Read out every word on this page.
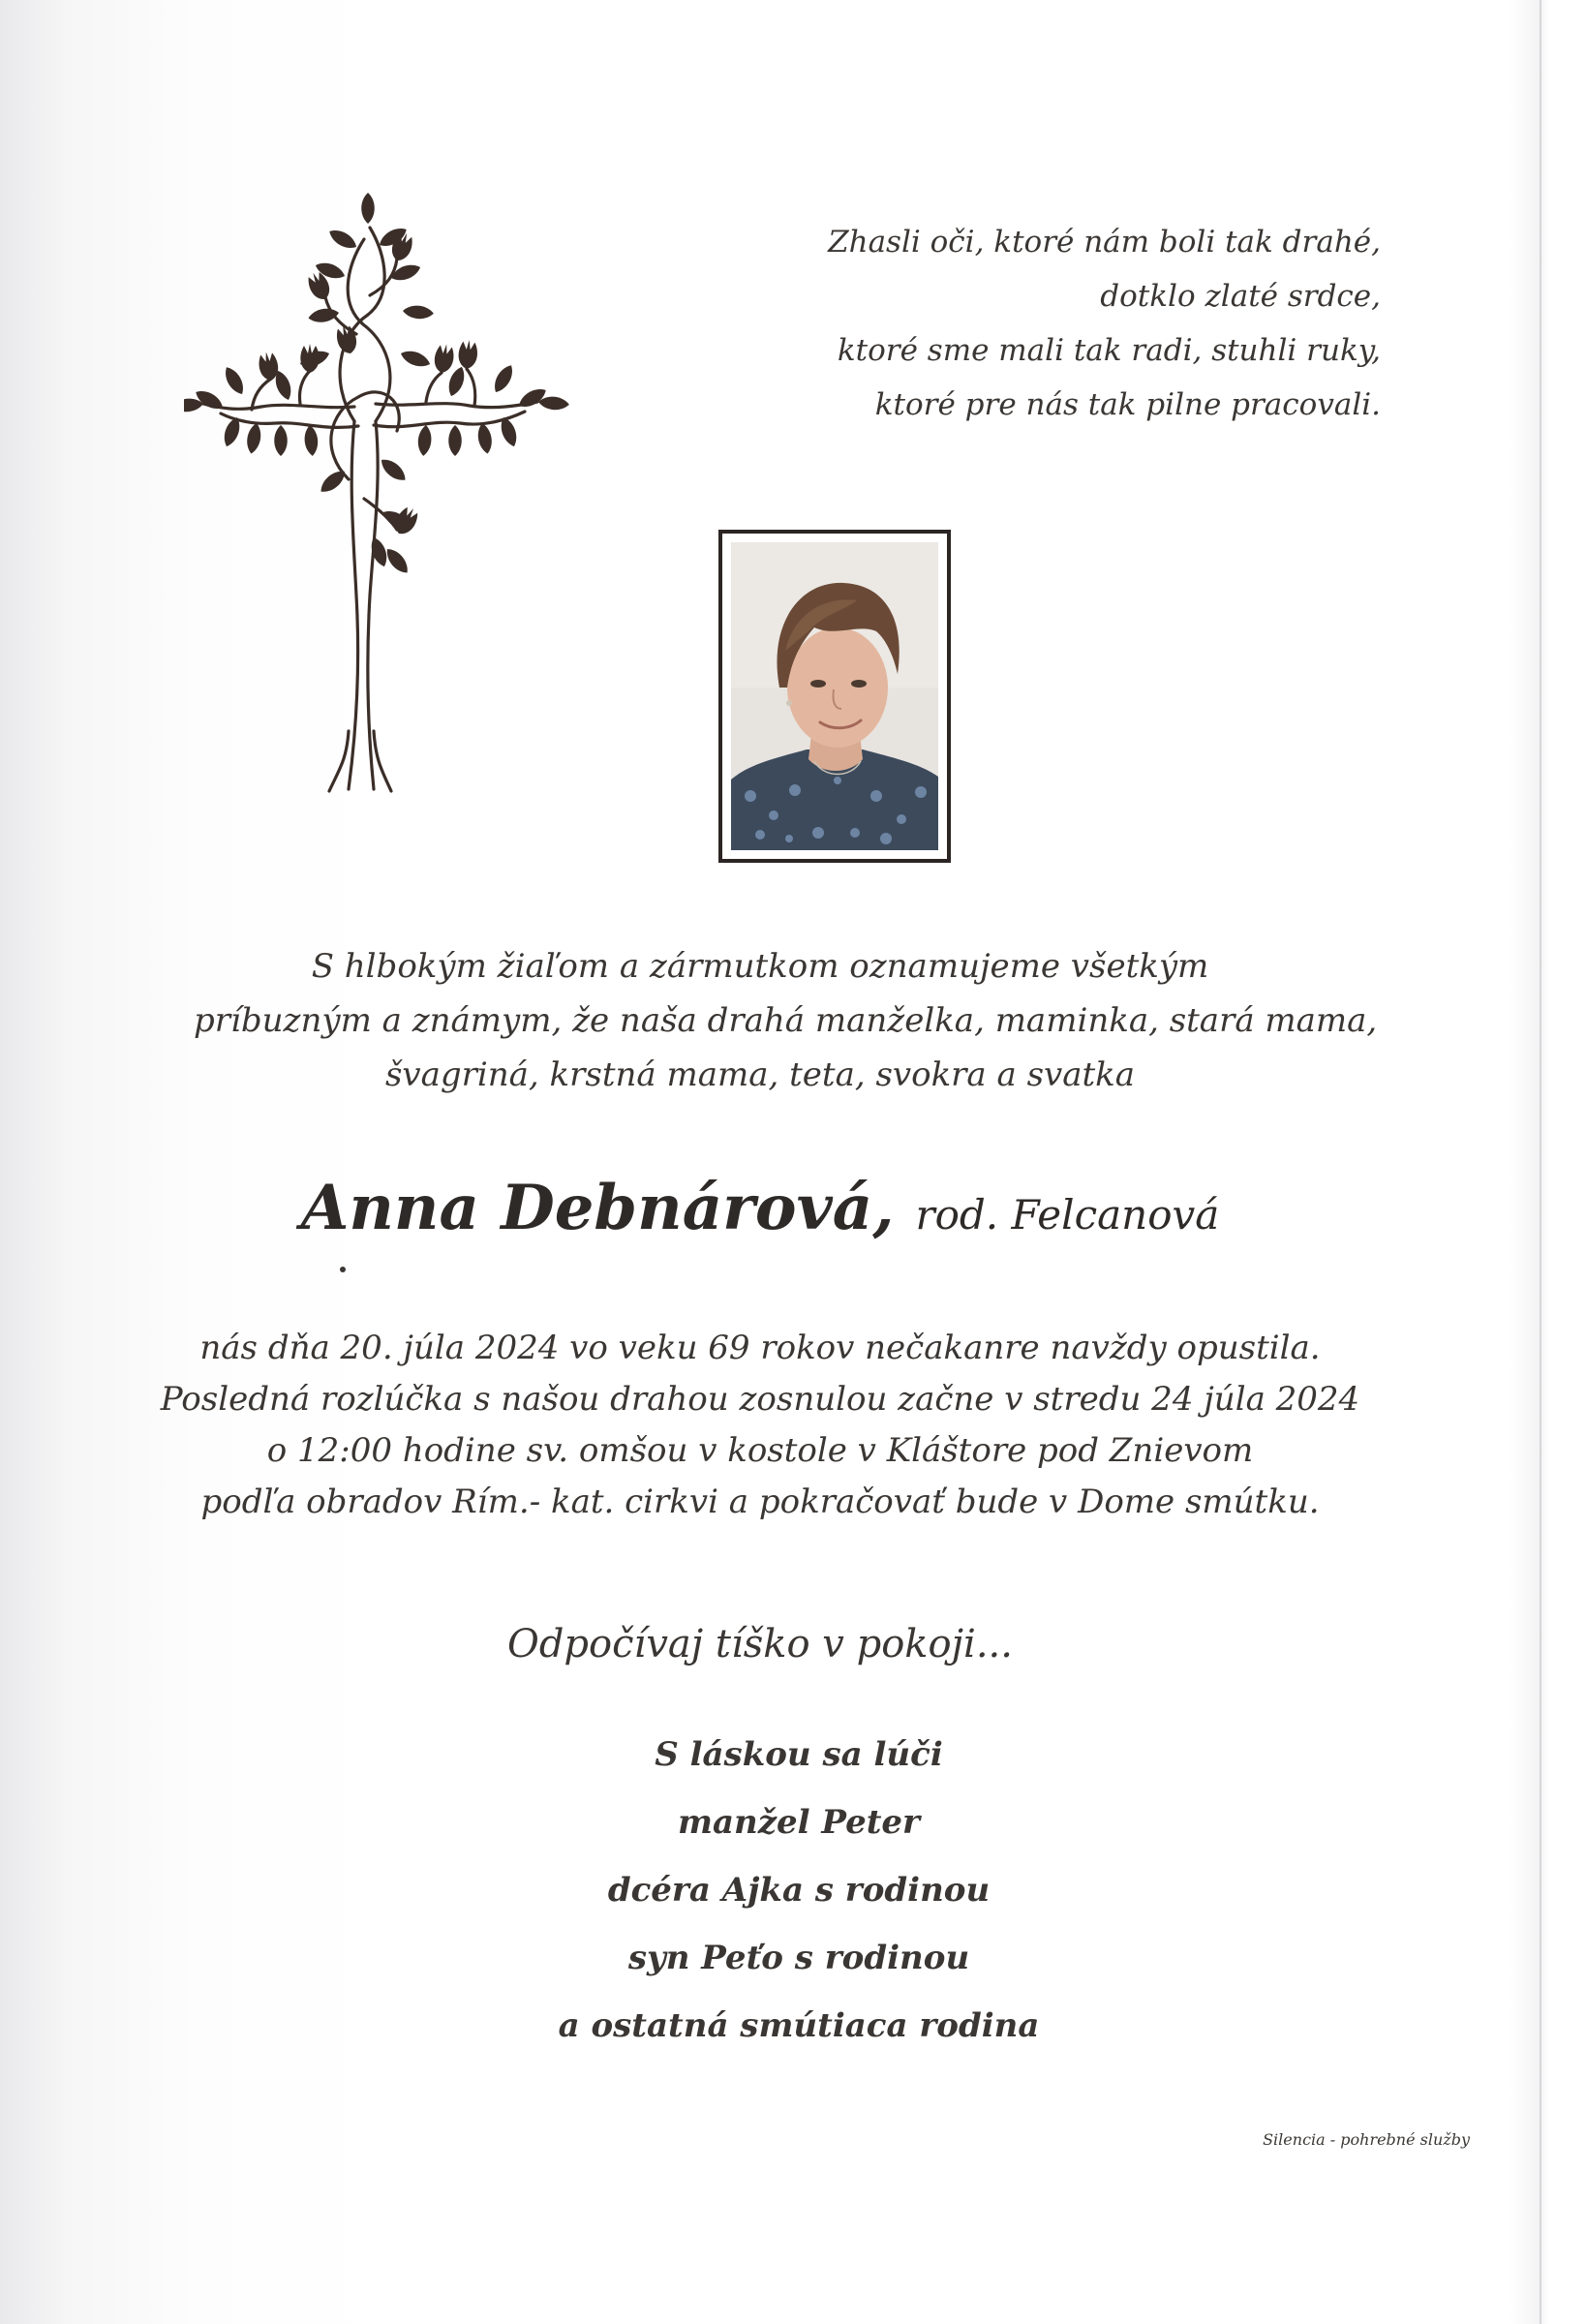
Zhasli oči, ktoré nám boli tak drahé,
dotklo zlaté srdce,
ktoré sme mali tak radi, stuhli ruky,
ktoré pre nás tak pilne pracovali.
S hlbokým žiaľom a zármutkom oznamujeme všetkým
príbuzným a známym, že naša drahá manželka, maminka, stará mama,
švagriná, krstná mama, teta, svokra a svatka
Anna Debnárová, rod. Felcanová
nás dňa 20. júla 2024 vo veku 69 rokov nečakanre navždy opustila.
Posledná rozlúčka s našou drahou zosnulou začne v stredu 24 júla 2024
o 12:00 hodine sv. omšou v kostole v Kláštore pod Znievom
podľa obradov Rím.- kat. cirkvi a pokračovať bude v Dome smútku.
Odpočívaj tíško v pokoji...
S láskou sa lúči
manžel Peter
dcéra Ajka s rodinou
syn Peťo s rodinou
a ostatná smútiaca rodina
Silencia - pohrebné služby
